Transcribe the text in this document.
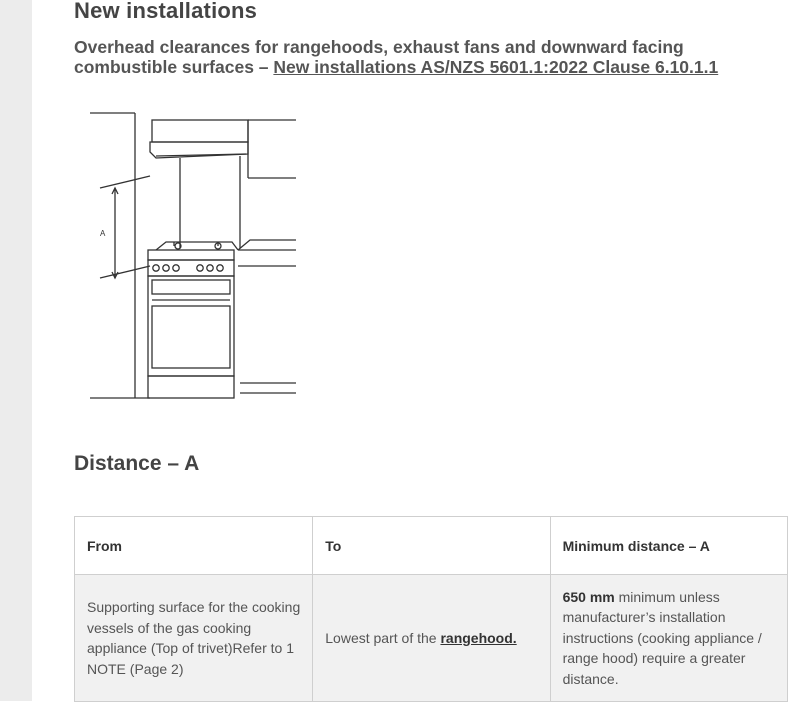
New installations
Overhead clearances for rangehoods, exhaust fans and downward facing combustible surfaces – New installations AS/NZS 5601.1:2022 Clause 6.10.1.1
A
Distance – A
From	To	Minimum distance – A
Supporting surface for the cooking vessels of the gas cooking
appliance (Top of trivet)Refer to 1 NOTE (Page 2)	Lowest part of the rangehood.	650 mm minimum unless manufacturer’s installation instructions (cooking appliance / range hood) require a greater distance.
